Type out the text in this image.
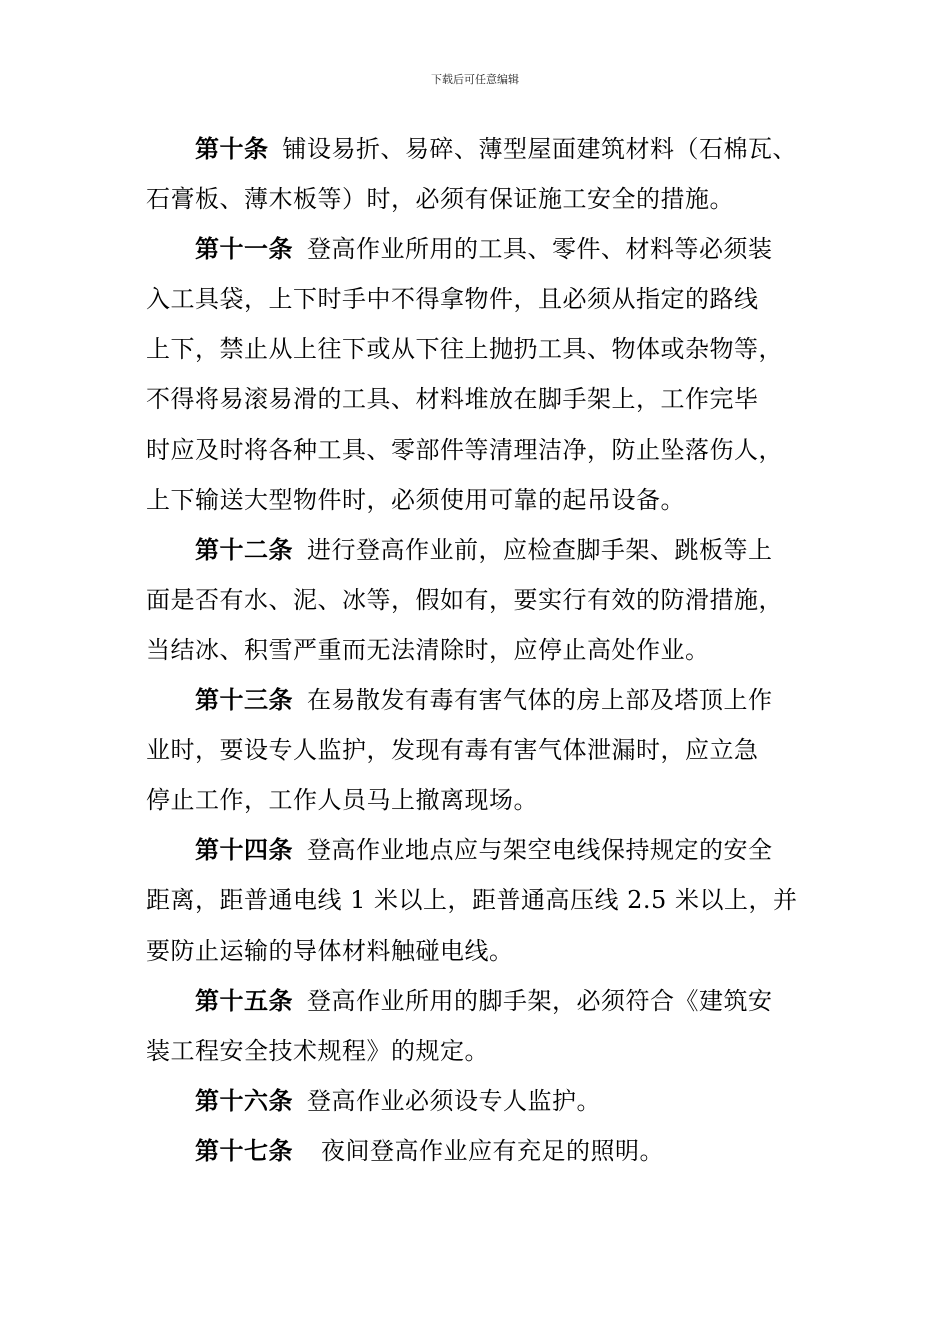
下载后可任意编辑
第十条 铺设易折、易碎、薄型屋面建筑材料（石棉瓦、
石膏板、薄木板等）时，必须有保证施工安全的措施。
第十一条 登高作业所用的工具、零件、材料等必须装
入工具袋，上下时手中不得拿物件，且必须从指定的路线
上下，禁止从上往下或从下往上抛扔工具、物体或杂物等，
不得将易滚易滑的工具、材料堆放在脚手架上，工作完毕
时应及时将各种工具、零部件等清理洁净，防止坠落伤人，
上下输送大型物件时，必须使用可靠的起吊设备。
第十二条 进行登高作业前，应检查脚手架、跳板等上
面是否有水、泥、冰等，假如有，要实行有效的防滑措施，
当结冰、积雪严重而无法清除时，应停止高处作业。
第十三条 在易散发有毒有害气体的房上部及塔顶上作
业时，要设专人监护，发现有毒有害气体泄漏时，应立急
停止工作，工作人员马上撤离现场。
第十四条 登高作业地点应与架空电线保持规定的安全
距离，距普通电线 1 米以上，距普通高压线 2.5 米以上，并
要防止运输的导体材料触碰电线。
第十五条 登高作业所用的脚手架，必须符合《建筑安
装工程安全技术规程》的规定。
第十六条 登高作业必须设专人监护。
第十七条 夜间登高作业应有充足的照明。
